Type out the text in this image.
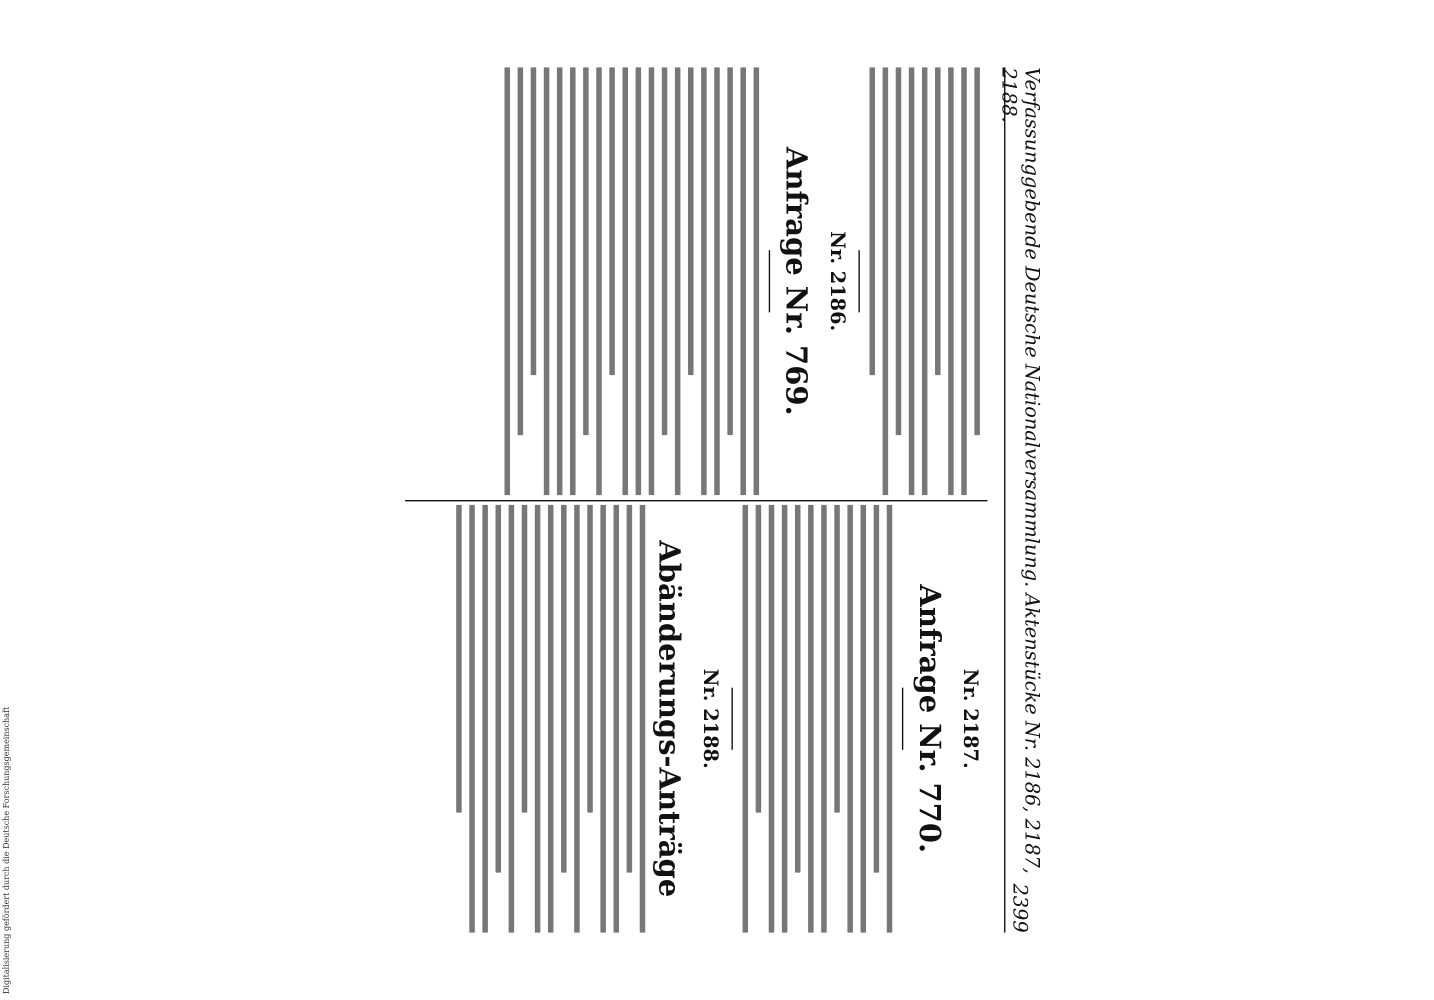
Digitalisierung gefördert durch die Deutsche Forschungsgemeinschaft	Verfassunggebende Deutsche Nationalversammlung. Aktenstücke Nr. 2186, 2187, 2188.
2399
Nr. 2186.
Anfrage Nr. 769.
Nr. 2187.
Anfrage Nr. 770.
Nr. 2188.
Abänderungs-Anträge
